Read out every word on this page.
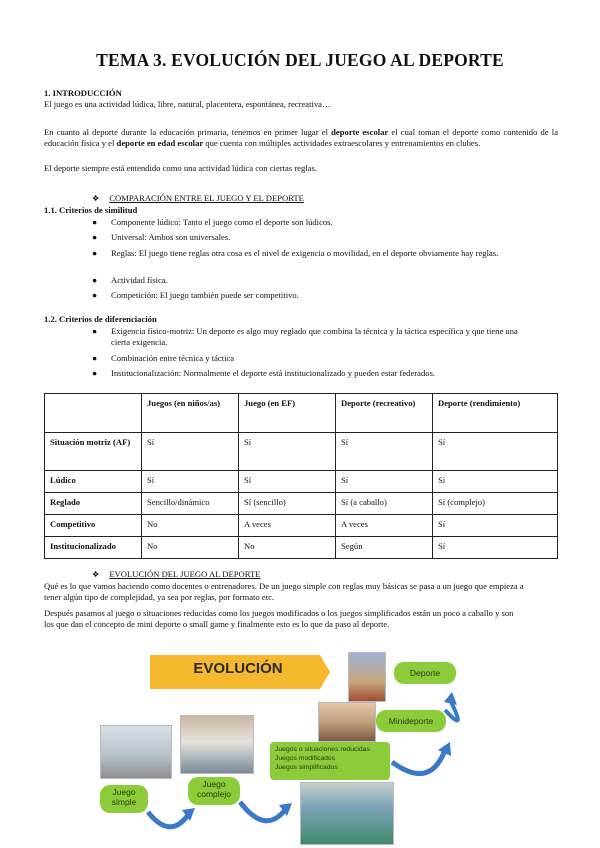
TEMA 3. EVOLUCIÓN DEL JUEGO AL DEPORTE
1. INTRODUCCIÓN
El juego es una actividad lúdica, libre, natural, placentera, espontánea, recreativa…
En cuanto al deporte durante la educación primaria, tenemos en primer lugar el deporte escolar el cual toman el deporte como contenido de la educación física y el deporte en edad escolar que cuenta con múltiples actividades extraescolares y entrenamientos en clubes.
El deporte siempre está entendido como una actividad lúdica con ciertas reglas.
❖ COMPARACIÓN ENTRE EL JUEGO Y EL DEPORTE
1.1. Criterios de similitud
●	Componente lúdico: Tanto el juego como el deporte son lúdicos.
●	Universal: Ambos son universales.
●	Reglas: El juego tiene reglas otra cosa es el nivel de exigencia o movilidad, en el deporte obviamente hay reglas.
●	Actividad física.
●	Competición: El juego también puede ser competitivo.
1.2. Criterios de diferenciación
●	Exigencia físico-motriz: Un deporte es algo muy reglado que combina la técnica y la táctica específica y que tiene una cierta exigencia.
●	Combinación entre técnica y táctica
●	Institucionalización: Normalmente el deporte está institucionalizado y pueden estar federados.
	Juegos (en niños/as)	Juego (en EF)	Deporte (recreativo)	Deporte (rendimiento)
Situación motriz (AF)	Sí	Sí	Sí	Sí
Lúdico	Sí	Sí	Sí	Sí
Reglado	Sencillo/dinámico	Sí (sencillo)	Sí (a caballo)	Sí (complejo)
Competitivo	No	A veces	A veces	Sí
Institucionalizado	No	No	Según	Sí
❖ EVOLUCIÓN DEL JUEGO AL DEPORTE
Qué es lo que vamos haciendo como docentes o entrenadores. De un juego simple con reglas muy básicas se pasa a un juego que empieza a tener algún tipo de complejidad, ya sea por reglas, por formato etc.
Después pasamos al juego o situaciones reducidas como los juegos modificados o los juegos simplificados están un poco a caballo y son los que dan el concepto de mini deporte o small game y finalmente esto es lo que da paso al deporte.
EVOLUCIÓN
Juego simple
Juego complejo
Juegos o situaciones reducidas
Juegos modificados
Juegos simplificados
Minideporte
Deporte
